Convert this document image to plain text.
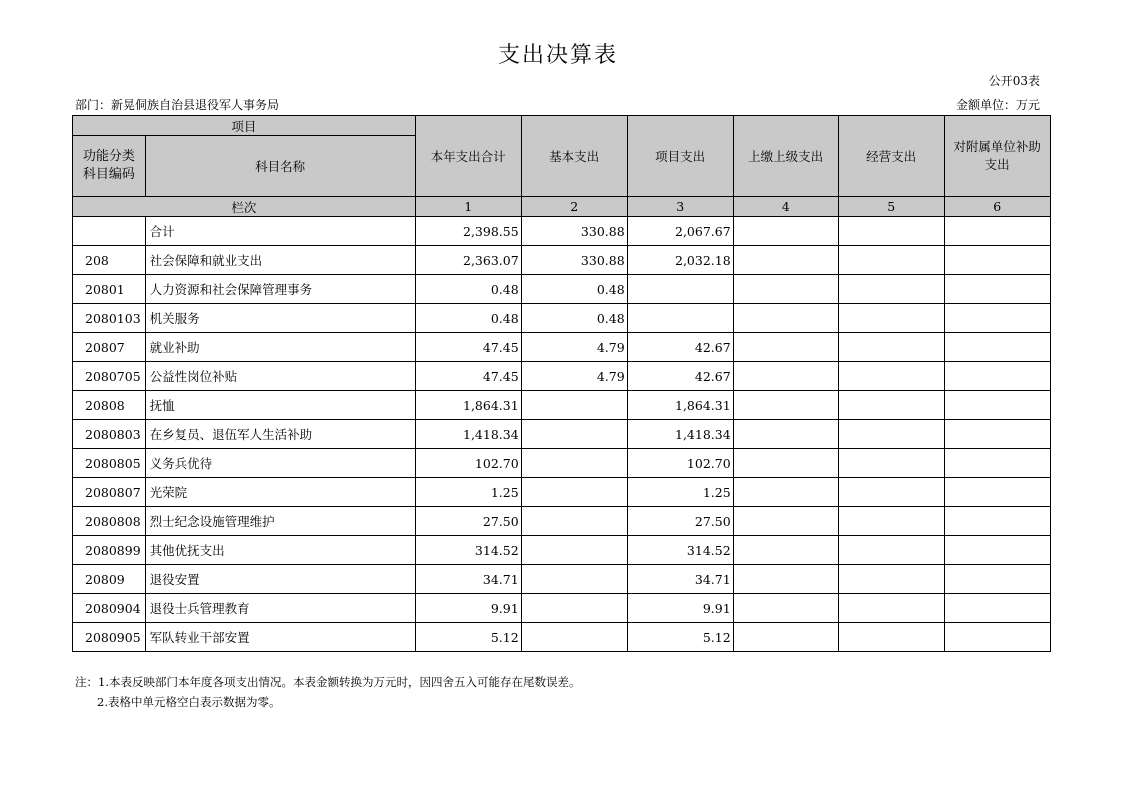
支出决算表
公开03表
部门：新晃侗族自治县退役军人事务局	金额单位：万元
项目		本年支出合计	基本支出	项目支出	上缴上级支出	经营支出	对附属单位补助支出
功能分类科目编码	科目名称						
栏次		1	2	3	4	5	6
	合计	2,398.55	330.88	2,067.67			
208	社会保障和就业支出	2,363.07	330.88	2,032.18			
20801	人力资源和社会保障管理事务	0.48	0.48				
2080103	机关服务	0.48	0.48				
20807	就业补助	47.45	4.79	42.67			
2080705	公益性岗位补贴	47.45	4.79	42.67			
20808	抚恤	1,864.31		1,864.31			
2080803	在乡复员、退伍军人生活补助	1,418.34		1,418.34			
2080805	义务兵优待	102.70		102.70			
2080807	光荣院	1.25		1.25			
2080808	烈士纪念设施管理维护	27.50		27.50			
2080899	其他优抚支出	314.52		314.52			
20809	退役安置	34.71		34.71			
2080904	退役士兵管理教育	9.91		9.91			
2080905	军队转业干部安置	5.12		5.12			
注：1.本表反映部门本年度各项支出情况。本表金额转换为万元时，因四舍五入可能存在尾数误差。
2.表格中单元格空白表示数据为零。
